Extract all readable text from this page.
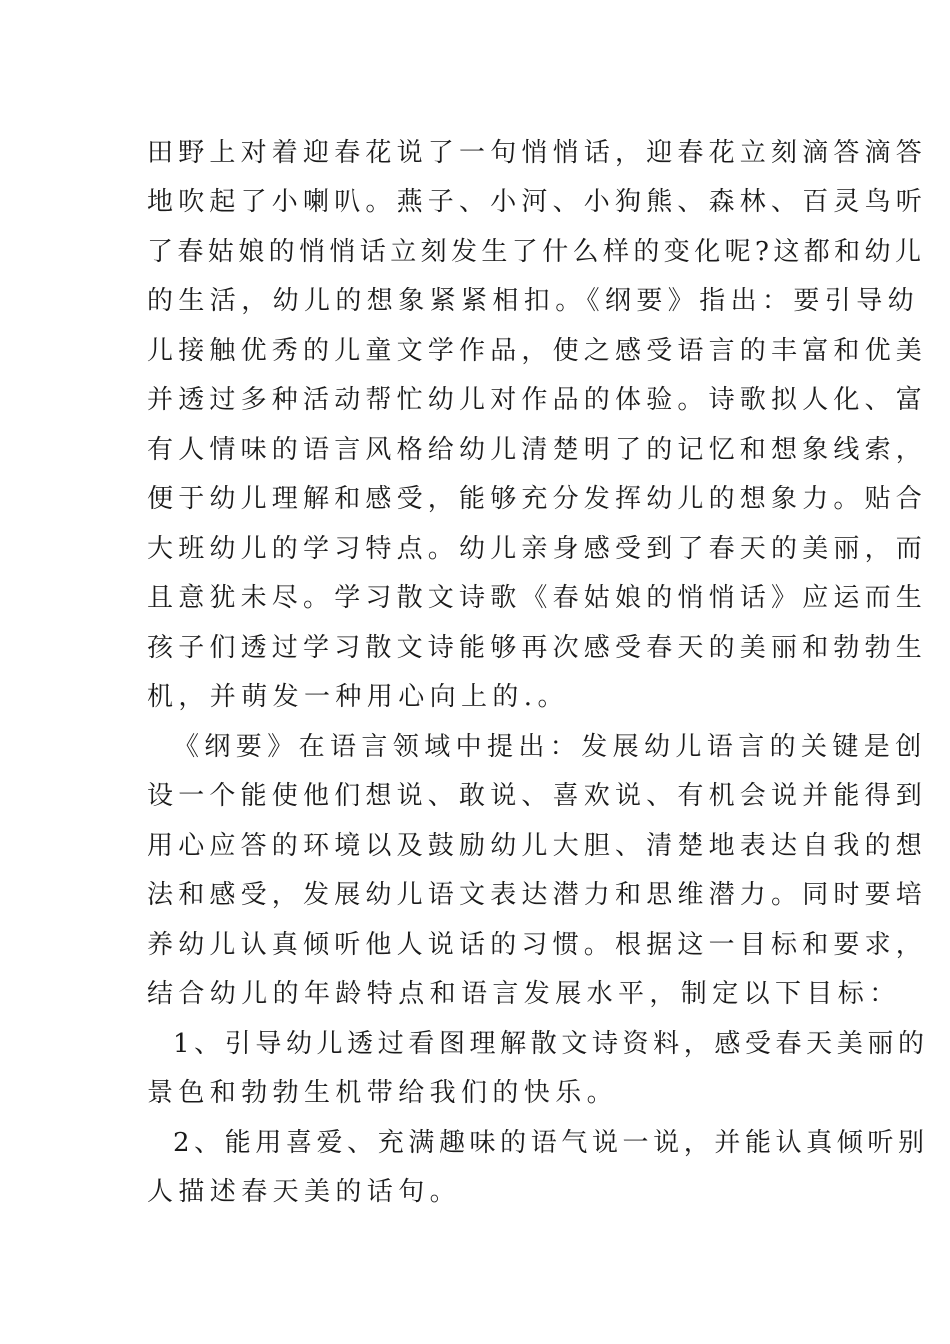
田野上对着迎春花说了一句悄悄话，迎春花立刻滴答滴答
地吹起了小喇叭。燕子、小河、小狗熊、森林、百灵鸟听
了春姑娘的悄悄话立刻发生了什么样的变化呢?这都和幼儿
的生活，幼儿的想象紧紧相扣。《纲要》指出：要引导幼
儿接触优秀的儿童文学作品，使之感受语言的丰富和优美
并透过多种活动帮忙幼儿对作品的体验。诗歌拟人化、富
有人情味的语言风格给幼儿清楚明了的记忆和想象线索，
便于幼儿理解和感受，能够充分发挥幼儿的想象力。贴合
大班幼儿的学习特点。幼儿亲身感受到了春天的美丽，而
且意犹未尽。学习散文诗歌《春姑娘的悄悄话》应运而生
孩子们透过学习散文诗能够再次感受春天的美丽和勃勃生
机，并萌发一种用心向上的.。
《纲要》在语言领域中提出：发展幼儿语言的关键是创
设一个能使他们想说、敢说、喜欢说、有机会说并能得到
用心应答的环境以及鼓励幼儿大胆、清楚地表达自我的想
法和感受，发展幼儿语文表达潜力和思维潜力。同时要培
养幼儿认真倾听他人说话的习惯。根据这一目标和要求，
结合幼儿的年龄特点和语言发展水平，制定以下目标：
1、引导幼儿透过看图理解散文诗资料，感受春天美丽的
景色和勃勃生机带给我们的快乐。
2、能用喜爱、充满趣味的语气说一说，并能认真倾听别
人描述春天美的话句。
